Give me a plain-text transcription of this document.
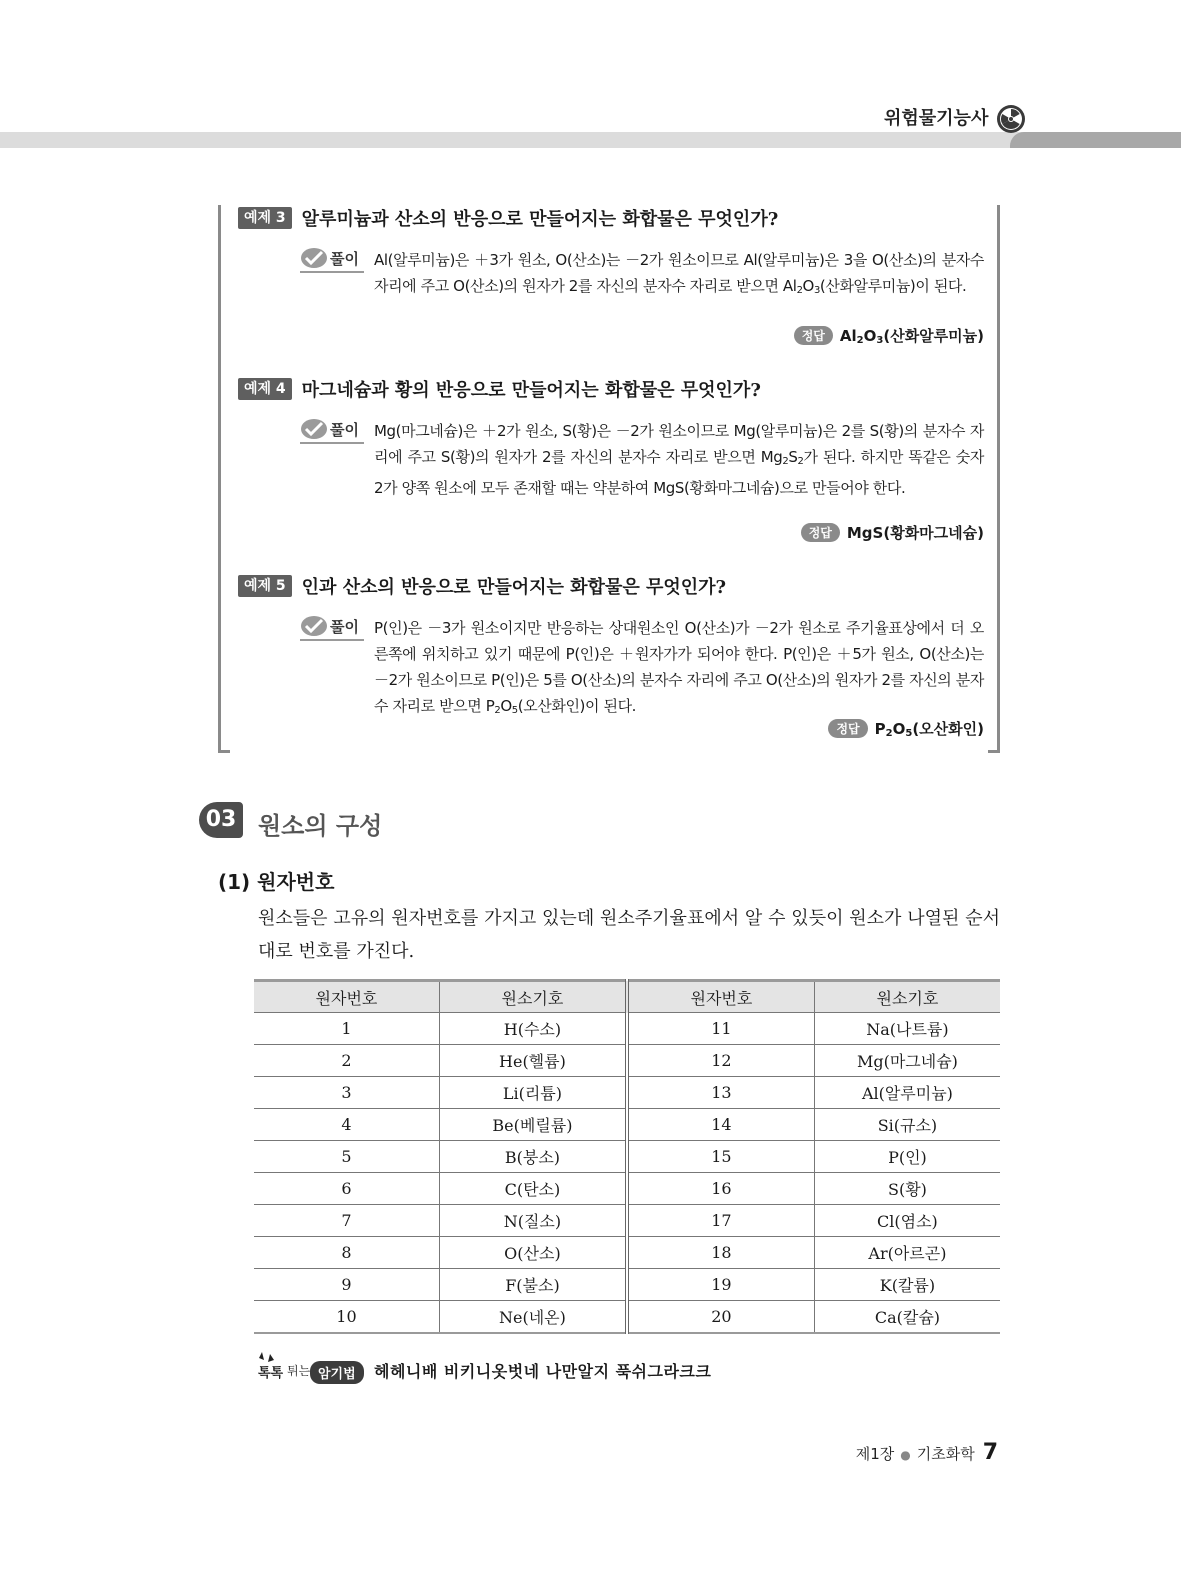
위험물기능사
예제 3 알루미늄과 산소의 반응으로 만들어지는 화합물은 무엇인가?
풀이 Al(알루미늄)은 ＋3가 원소, O(산소)는 －2가 원소이므로 Al(알루미늄)은 3을 O(산소)의 분자수 자리에 주고 O(산소)의 원자가 2를 자신의 분자수 자리로 받으면 $Al_2O_3$(산화알루미늄)이 된다.
정답	$Al_2O_3$(산화알루미늄)
예제 4 마그네슘과 황의 반응으로 만들어지는 화합물은 무엇인가?
풀이 Mg(마그네슘)은 ＋2가 원소, S(황)은 －2가 원소이므로 Mg(알루미늄)은 2를 S(황)의 분자수 자리에 주고 S(황)의 원자가 2를 자신의 분자수 자리로 받으면 $Mg_2S_2$가 된다. 하지만 똑같은 숫자 2가 양쪽 원소에 모두 존재할 때는 약분하여 MgS(황화마그네슘)으로 만들어야 한다.
정답	MgS(황화마그네슘)
예제 5 인과 산소의 반응으로 만들어지는 화합물은 무엇인가?
풀이 P(인)은 －3가 원소이지만 반응하는 상대원소인 O(산소)가 －2가 원소로 주기율표상에서 더 오른쪽에 위치하고 있기 때문에 P(인)은 ＋원자가가 되어야 한다. P(인)은 ＋5가 원소, O(산소)는 －2가 원소이므로 P(인)은 5를 O(산소)의 분자수 자리에 주고 O(산소)의 원자가 2를 자신의 분자수 자리로 받으면 $P_2O_5$(오산화인)이 된다.
정답	$P_2O_5$(오산화인)
03 원소의 구성
(1) 원자번호
원소들은 고유의 원자번호를 가지고 있는데 원소주기율표에서 알 수 있듯이 원소가 나열된 순서대로 번호를 가진다.
원자번호	원소기호	원자번호	원소기호
1	H(수소)	11	Na(나트륨)
2	He(헬륨)	12	Mg(마그네슘)
3	Li(리튬)	13	Al(알루미늄)
4	Be(베릴륨)	14	Si(규소)
5	B(붕소)	15	P(인)
6	C(탄소)	16	S(황)
7	N(질소)	17	Cl(염소)
8	O(산소)	18	Ar(아르곤)
9	F(불소)	19	K(칼륨)
10	Ne(네온)	20	Ca(칼슘)
톡톡 튀는 암기법	헤헤니배 비키니옷벗네 나만알지 푹쉬그라크크
제1장 ● 기초화학 7
